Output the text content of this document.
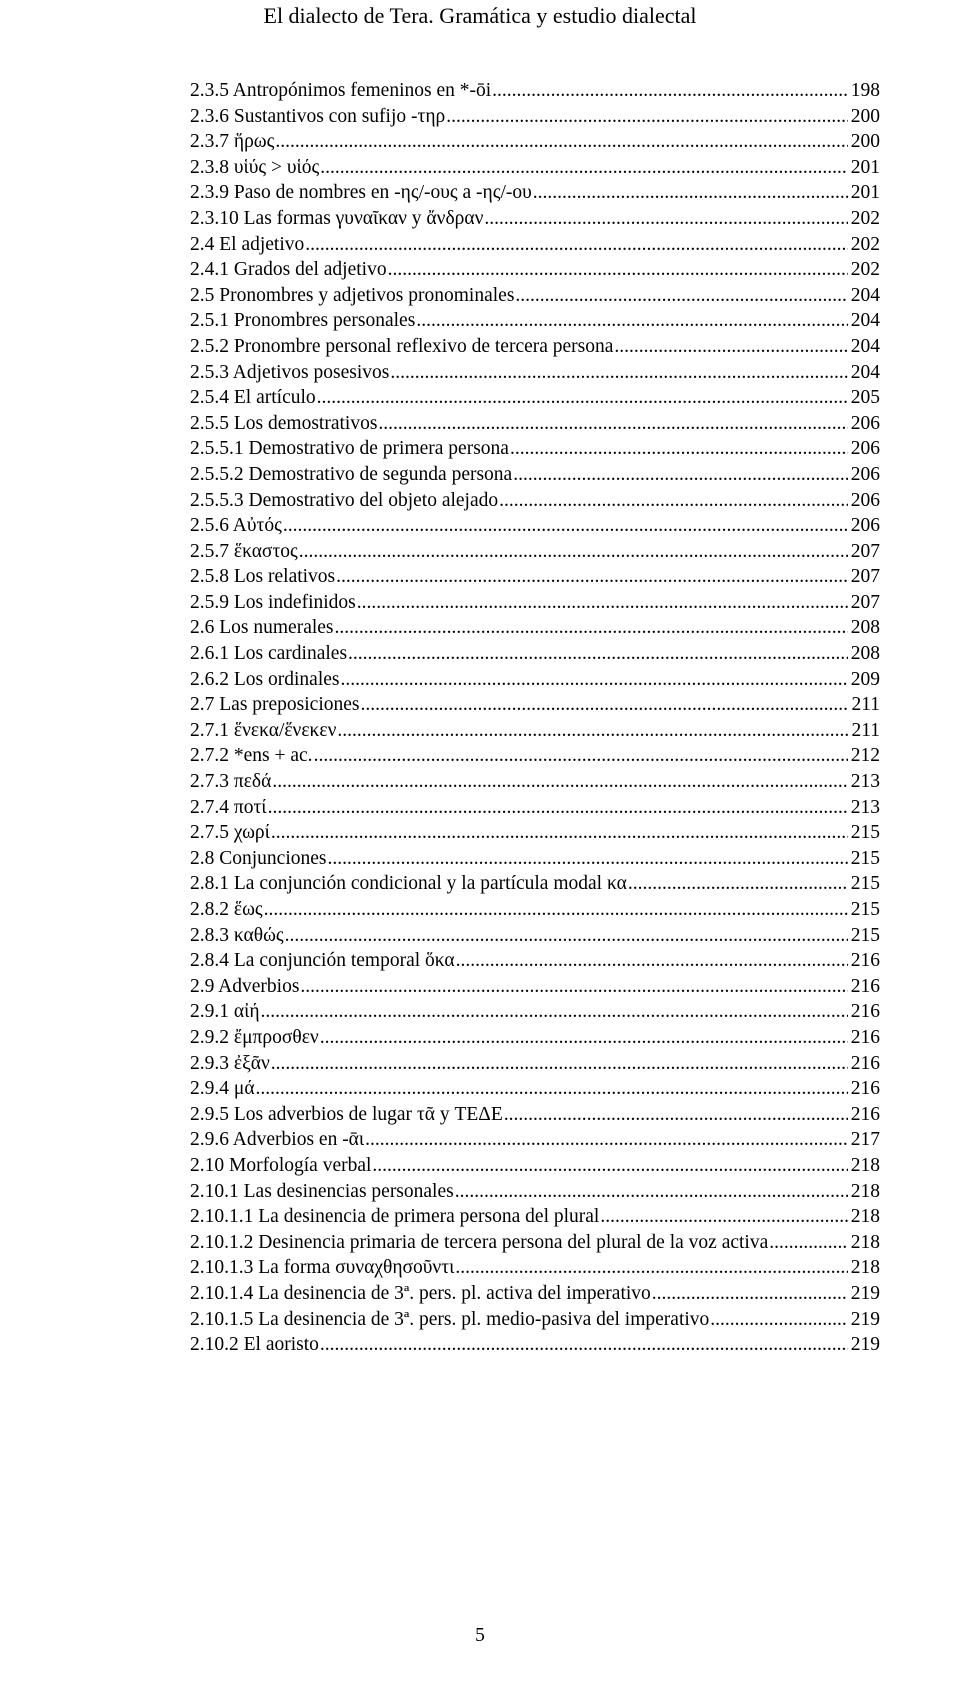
El dialecto de Tera. Gramática y estudio dialectal
2.3.5 Antropónimos femeninos en *-ōi .....	198
2.3.6 Sustantivos con sufijo -τηρ .....	200
2.3.7 ἥρως .....	200
2.3.8 υἱύς > υἱός .....	201
2.3.9 Paso de nombres en -ης/-ους a -ης/-ου .....	201
2.3.10 Las formas γυναῖκαν y ἄνδραν .....	202
2.4 El adjetivo .....	202
2.4.1 Grados del adjetivo .....	202
2.5 Pronombres y adjetivos pronominales .....	204
2.5.1 Pronombres personales .....	204
2.5.2 Pronombre personal reflexivo de tercera persona .....	204
2.5.3 Adjetivos posesivos .....	204
2.5.4 El artículo .....	205
2.5.5 Los demostrativos .....	206
2.5.5.1 Demostrativo de primera persona .....	206
2.5.5.2 Demostrativo de segunda persona .....	206
2.5.5.3 Demostrativo del objeto alejado .....	206
2.5.6 Αὐτός .....	206
2.5.7 ἕκαστος .....	207
2.5.8 Los relativos .....	207
2.5.9 Los indefinidos .....	207
2.6 Los numerales .....	208
2.6.1 Los cardinales .....	208
2.6.2 Los ordinales .....	209
2.7 Las preposiciones .....	211
2.7.1 ἕνεκα/ἕνεκεν .....	211
2.7.2 *ens + ac. .....	212
2.7.3 πεδά .....	213
2.7.4 ποτί .....	213
2.7.5 χωρί .....	215
2.8 Conjunciones .....	215
2.8.1 La conjunción condicional y la partícula modal κα .....	215
2.8.2 ἕως .....	215
2.8.3 καθώς .....	215
2.8.4 La conjunción temporal ὅκα .....	216
2.9 Adverbios .....	216
2.9.1 αἰή .....	216
2.9.2 ἔμπροσθεν .....	216
2.9.3 ἐξᾶν .....	216
2.9.4 μά .....	216
2.9.5 Los adverbios de lugar τᾶ y ΤΕΔΕ .....	216
2.9.6 Adverbios en -ᾱι .....	217
2.10 Morfología verbal .....	218
2.10.1 Las desinencias personales .....	218
2.10.1.1 La desinencia de primera persona del plural .....	218
2.10.1.2 Desinencia primaria de tercera persona del plural de la voz activa .....	218
2.10.1.3 La forma συναχθησοῦντι .....	218
2.10.1.4 La desinencia de 3ª. pers. pl. activa del imperativo .....	219
2.10.1.5 La desinencia de 3ª. pers. pl. medio-pasiva del imperativo .....	219
2.10.2 El aoristo .....	219
5
